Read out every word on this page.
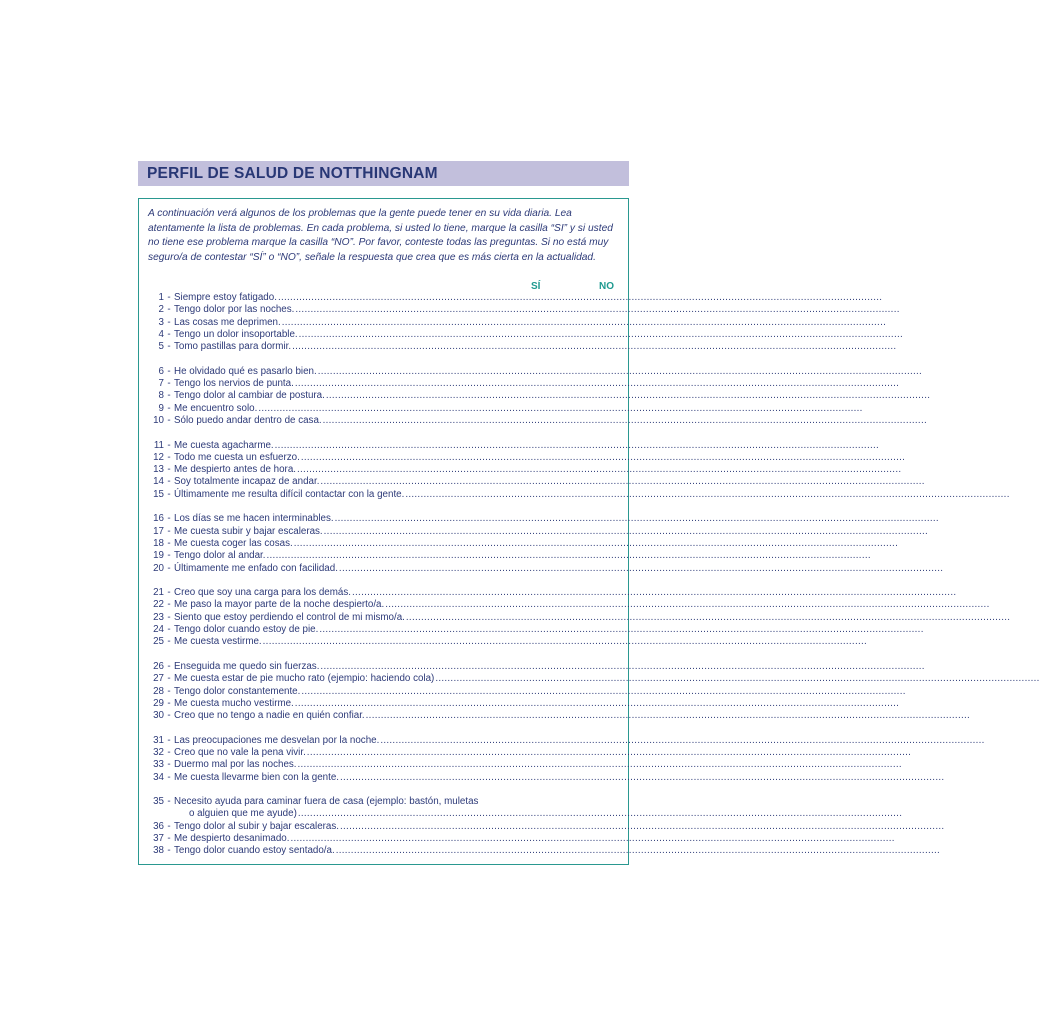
PERFIL DE SALUD DE NOTTHINGNAM

A continuación verá algunos de los problemas que la gente puede tener en su vida diaria. Lea atentamente la lista de problemas. En cada problema, si usted lo tiene, marque la casilla “SI” y si usted no tiene ese problema marque la casilla “NO”. Por favor, conteste todas las preguntas. Si no está muy seguro/a de contestar “SÍ” o “NO”, señale la respuesta que crea que es más cierta en la actualidad.

SÍ	NO
1 - Siempre estoy fatigado. ........................................................................................................................................................................................................
2 - Tengo dolor por las noches. ........................................................................................................................................................................................................
3 - Las cosas me deprimen. ........................................................................................................................................................................................................
4 - Tengo un dolor insoportable. ........................................................................................................................................................................................................
5 - Tomo pastillas para dormir. ........................................................................................................................................................................................................
6 - He olvidado qué es pasarlo bien. ........................................................................................................................................................................................................
7 - Tengo los nervios de punta. ........................................................................................................................................................................................................
8 - Tengo dolor al cambiar de postura. ........................................................................................................................................................................................................
9 - Me encuentro solo. ........................................................................................................................................................................................................
10 - Sólo puedo andar dentro de casa. ........................................................................................................................................................................................................
11 - Me cuesta agacharme. ........................................................................................................................................................................................................
12 - Todo me cuesta un esfuerzo. ........................................................................................................................................................................................................
13 - Me despierto antes de hora. ........................................................................................................................................................................................................
14 - Soy totalmente incapaz de andar. ........................................................................................................................................................................................................
15 - Últimamente me resulta difícil contactar con la gente. ........................................................................................................................................................................................................
16 - Los días se me hacen interminables. ........................................................................................................................................................................................................
17 - Me cuesta subir y bajar escaleras. ........................................................................................................................................................................................................
18 - Me cuesta coger las cosas. ........................................................................................................................................................................................................
19 - Tengo dolor al andar. ........................................................................................................................................................................................................
20 - Últimamente me enfado con facilidad. ........................................................................................................................................................................................................
21 - Creo que soy una carga para los demás. ........................................................................................................................................................................................................
22 - Me paso la mayor parte de la noche despierto/a. ........................................................................................................................................................................................................
23 - Siento que estoy perdiendo el control de mi mismo/a. ........................................................................................................................................................................................................
24 - Tengo dolor cuando estoy de pie. ........................................................................................................................................................................................................
25 - Me cuesta vestirme. ........................................................................................................................................................................................................
26 - Enseguida me quedo sin fuerzas. ........................................................................................................................................................................................................
27 - Me cuesta estar de pie mucho rato (ejempio: haciendo cola) ........................................................................................................................................................................................................
28 - Tengo dolor constantemente. ........................................................................................................................................................................................................
29 - Me cuesta mucho vestirme. ........................................................................................................................................................................................................
30 - Creo que no tengo a nadie en quién confiar. ........................................................................................................................................................................................................
31 - Las preocupaciones me desvelan por la noche. ........................................................................................................................................................................................................
32 - Creo que no vale la pena vivir. ........................................................................................................................................................................................................
33 - Duermo mal por las noches. ........................................................................................................................................................................................................
34 - Me cuesta llevarme bien con la gente. ........................................................................................................................................................................................................
35 - Necesito ayuda para caminar fuera de casa (ejemplo: bastón, muletas
o alguien que me ayude) ........................................................................................................................................................................................................
36 - Tengo dolor al subir y bajar escaleras. ........................................................................................................................................................................................................
37 - Me despierto desanimado. ........................................................................................................................................................................................................
38 - Tengo dolor cuando estoy sentado/a. ........................................................................................................................................................................................................
